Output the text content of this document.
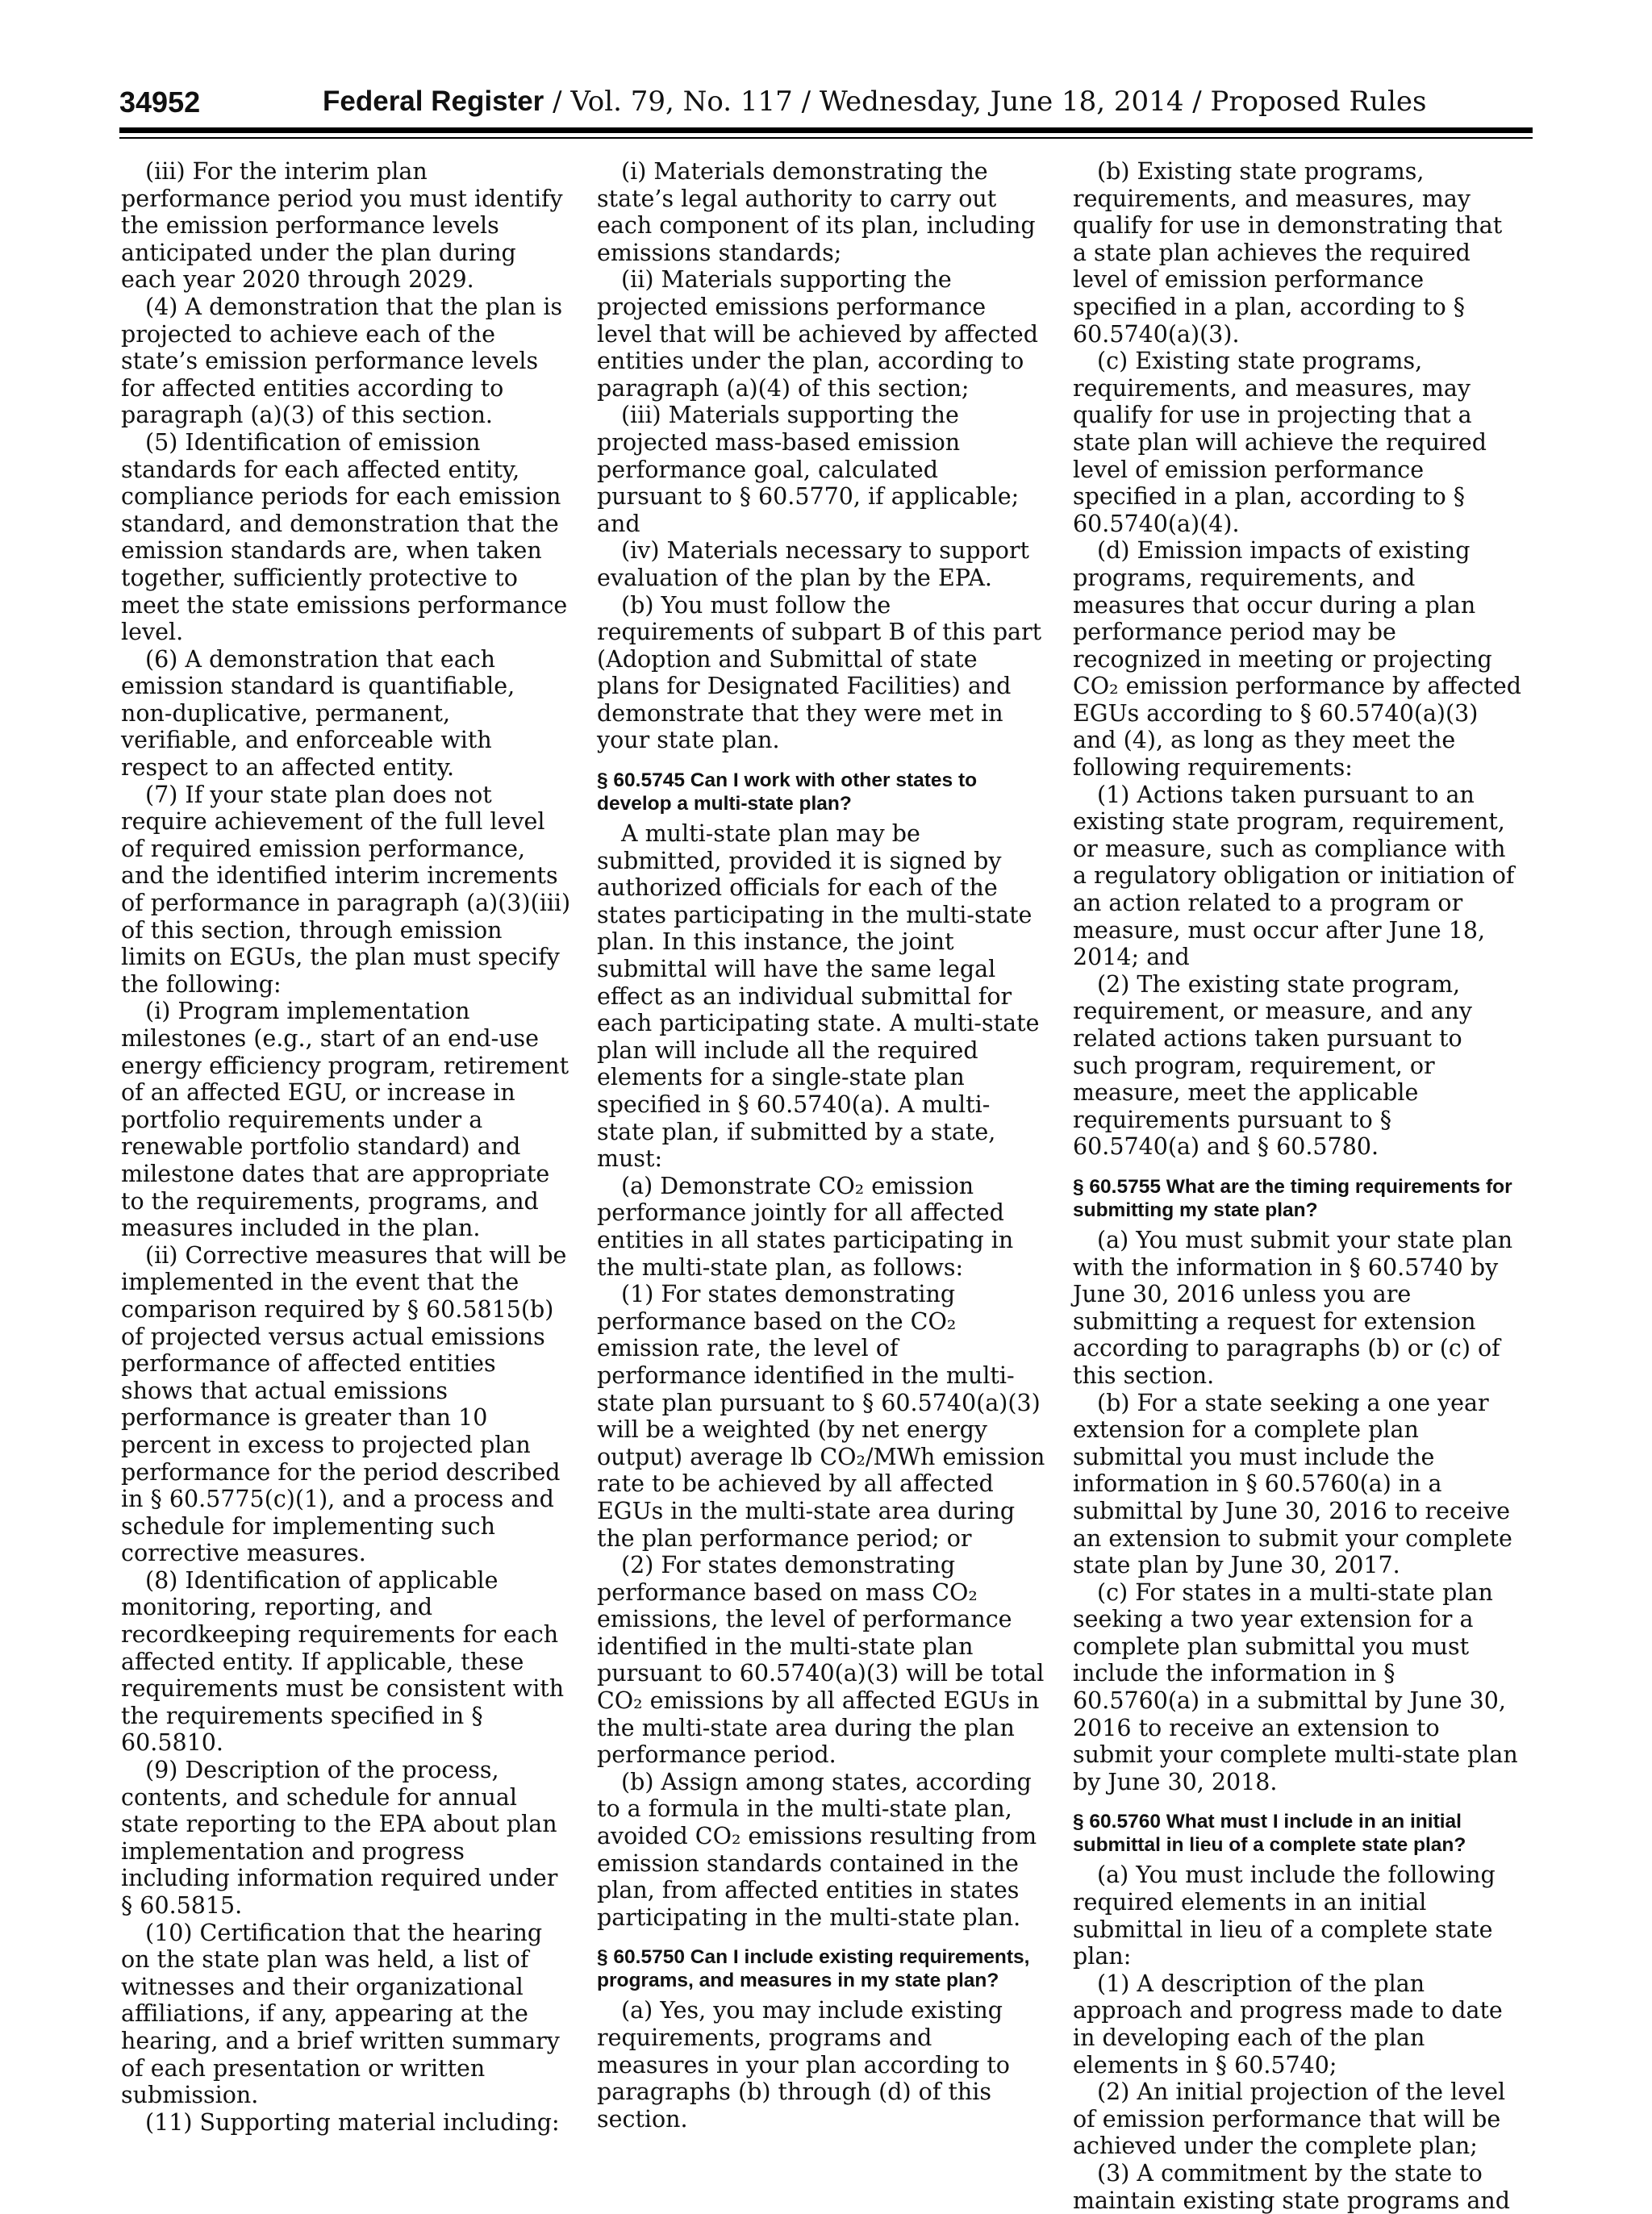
34952	Federal Register / Vol. 79, No. 117 / Wednesday, June 18, 2014 / Proposed Rules

(iii) For the interim plan performance period you must identify the emission performance levels anticipated under the plan during each year 2020 through 2029.

(4) A demonstration that the plan is projected to achieve each of the state’s emission performance levels for affected entities according to paragraph (a)(3) of this section.

(5) Identification of emission standards for each affected entity, compliance periods for each emission standard, and demonstration that the emission standards are, when taken together, sufficiently protective to meet the state emissions performance level.

(6) A demonstration that each emission standard is quantifiable, non-duplicative, permanent, verifiable, and enforceable with respect to an affected entity.

(7) If your state plan does not require achievement of the full level of required emission performance, and the identified interim increments of performance in paragraph (a)(3)(iii) of this section, through emission limits on EGUs, the plan must specify the following:

(i) Program implementation milestones (e.g., start of an end-use energy efficiency program, retirement of an affected EGU, or increase in portfolio requirements under a renewable portfolio standard) and milestone dates that are appropriate to the requirements, programs, and measures included in the plan.

(ii) Corrective measures that will be implemented in the event that the comparison required by § 60.5815(b) of projected versus actual emissions performance of affected entities shows that actual emissions performance is greater than 10 percent in excess to projected plan performance for the period described in § 60.5775(c)(1), and a process and schedule for implementing such corrective measures.

(8) Identification of applicable monitoring, reporting, and recordkeeping requirements for each affected entity. If applicable, these requirements must be consistent with the requirements specified in § 60.5810.

(9) Description of the process, contents, and schedule for annual state reporting to the EPA about plan implementation and progress including information required under § 60.5815.

(10) Certification that the hearing on the state plan was held, a list of witnesses and their organizational affiliations, if any, appearing at the hearing, and a brief written summary of each presentation or written submission.

(11) Supporting material including:

(i) Materials demonstrating the state’s legal authority to carry out each component of its plan, including emissions standards;

(ii) Materials supporting the projected emissions performance level that will be achieved by affected entities under the plan, according to paragraph (a)(4) of this section;

(iii) Materials supporting the projected mass-based emission performance goal, calculated pursuant to § 60.5770, if applicable; and

(iv) Materials necessary to support evaluation of the plan by the EPA.

(b) You must follow the requirements of subpart B of this part (Adoption and Submittal of state plans for Designated Facilities) and demonstrate that they were met in your state plan.

§ 60.5745 Can I work with other states to develop a multi-state plan?

A multi-state plan may be submitted, provided it is signed by authorized officials for each of the states participating in the multi-state plan. In this instance, the joint submittal will have the same legal effect as an individual submittal for each participating state. A multi-state plan will include all the required elements for a single-state plan specified in § 60.5740(a). A multi-state plan, if submitted by a state, must:

(a) Demonstrate CO₂ emission performance jointly for all affected entities in all states participating in the multi-state plan, as follows:

(1) For states demonstrating performance based on the CO₂ emission rate, the level of performance identified in the multi-state plan pursuant to § 60.5740(a)(3) will be a weighted (by net energy output) average lb CO₂/MWh emission rate to be achieved by all affected EGUs in the multi-state area during the plan performance period; or

(2) For states demonstrating performance based on mass CO₂ emissions, the level of performance identified in the multi-state plan pursuant to 60.5740(a)(3) will be total CO₂ emissions by all affected EGUs in the multi-state area during the plan performance period.

(b) Assign among states, according to a formula in the multi-state plan, avoided CO₂ emissions resulting from emission standards contained in the plan, from affected entities in states participating in the multi-state plan.

§ 60.5750 Can I include existing requirements, programs, and measures in my state plan?

(a) Yes, you may include existing requirements, programs and measures in your plan according to paragraphs (b) through (d) of this section.

(b) Existing state programs, requirements, and measures, may qualify for use in demonstrating that a state plan achieves the required level of emission performance specified in a plan, according to § 60.5740(a)(3).

(c) Existing state programs, requirements, and measures, may qualify for use in projecting that a state plan will achieve the required level of emission performance specified in a plan, according to § 60.5740(a)(4).

(d) Emission impacts of existing programs, requirements, and measures that occur during a plan performance period may be recognized in meeting or projecting CO₂ emission performance by affected EGUs according to § 60.5740(a)(3) and (4), as long as they meet the following requirements:

(1) Actions taken pursuant to an existing state program, requirement, or measure, such as compliance with a regulatory obligation or initiation of an action related to a program or measure, must occur after June 18, 2014; and

(2) The existing state program, requirement, or measure, and any related actions taken pursuant to such program, requirement, or measure, meet the applicable requirements pursuant to § 60.5740(a) and § 60.5780.

§ 60.5755 What are the timing requirements for submitting my state plan?

(a) You must submit your state plan with the information in § 60.5740 by June 30, 2016 unless you are submitting a request for extension according to paragraphs (b) or (c) of this section.

(b) For a state seeking a one year extension for a complete plan submittal you must include the information in § 60.5760(a) in a submittal by June 30, 2016 to receive an extension to submit your complete state plan by June 30, 2017.

(c) For states in a multi-state plan seeking a two year extension for a complete plan submittal you must include the information in § 60.5760(a) in a submittal by June 30, 2016 to receive an extension to submit your complete multi-state plan by June 30, 2018.

§ 60.5760 What must I include in an initial submittal in lieu of a complete state plan?

(a) You must include the following required elements in an initial submittal in lieu of a complete state plan:

(1) A description of the plan approach and progress made to date in developing each of the plan elements in § 60.5740;

(2) An initial projection of the level of emission performance that will be achieved under the complete plan;

(3) A commitment by the state to maintain existing state programs and
